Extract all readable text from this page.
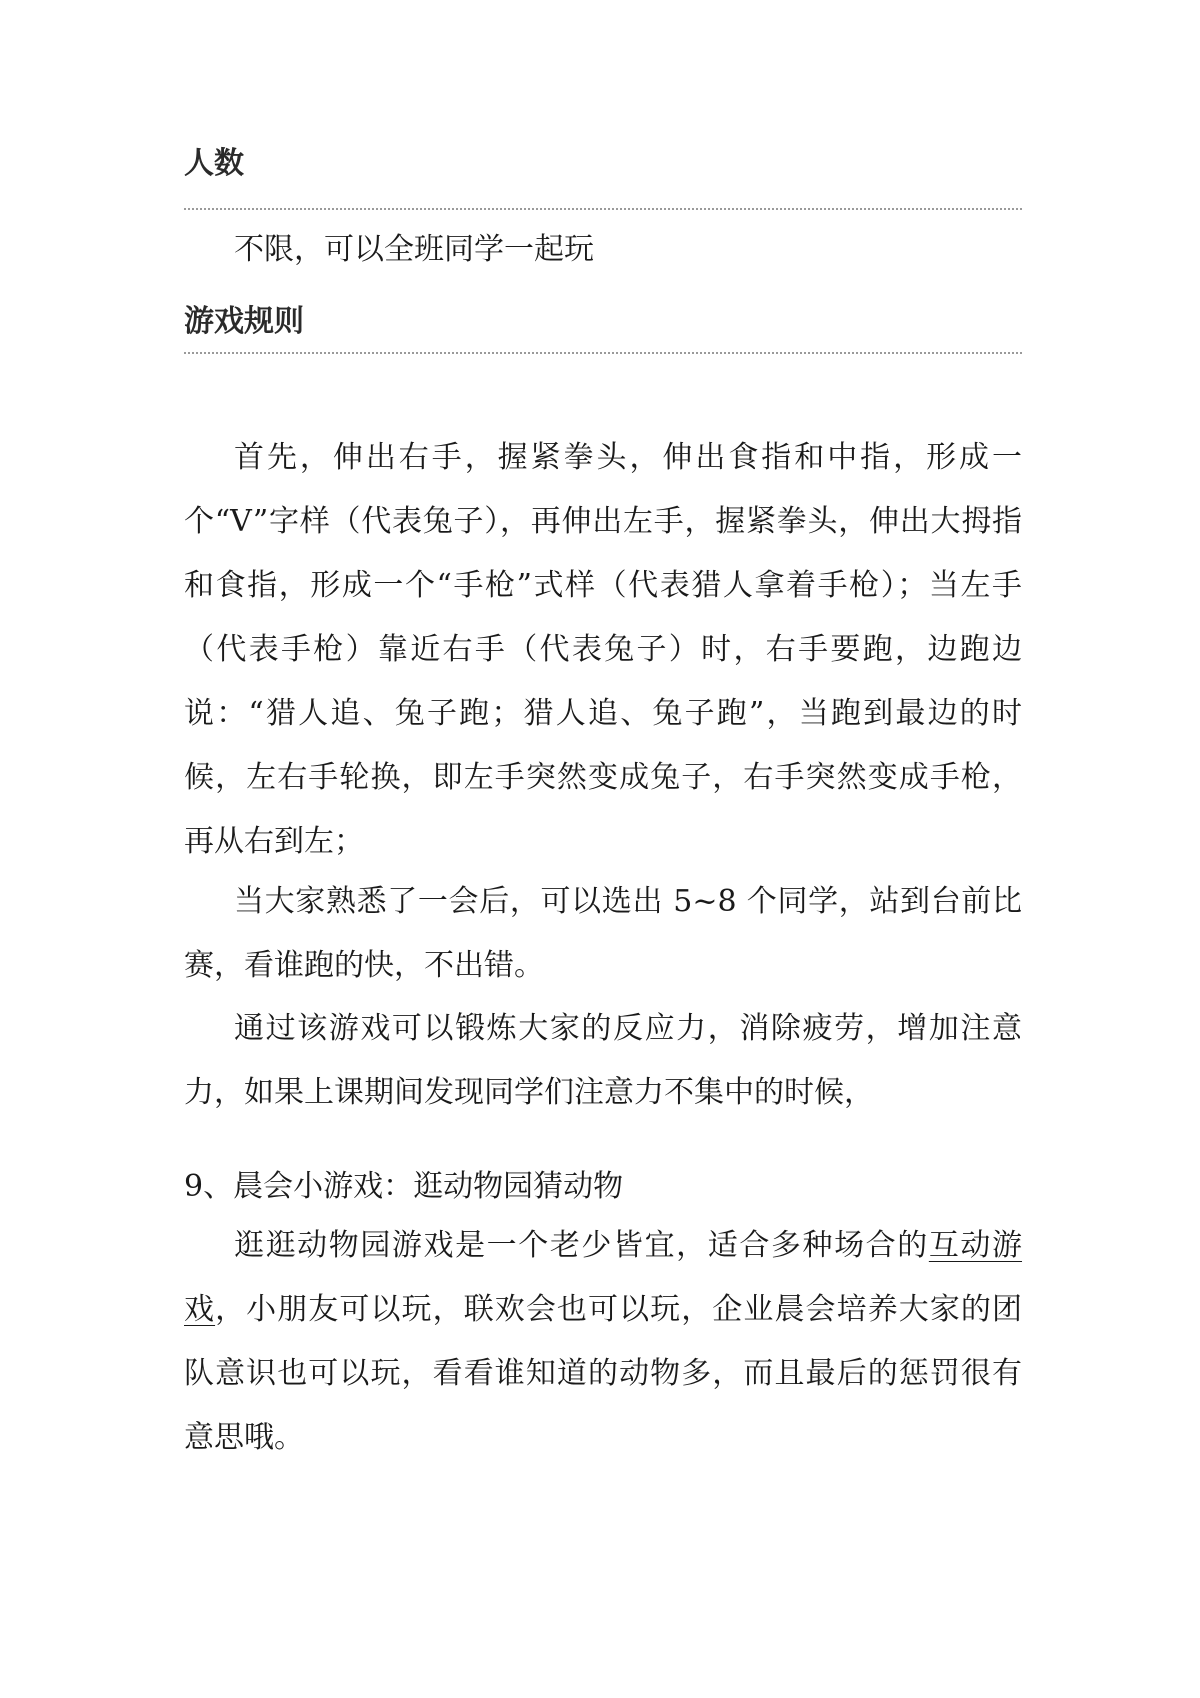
人数
不限，可以全班同学一起玩
游戏规则
首先，伸出右手，握紧拳头，伸出食指和中指，形成一个“V”字样（代表兔子），再伸出左手，握紧拳头，伸出大拇指和食指，形成一个“手枪”式样（代表猎人拿着手枪）；当左手（代表手枪）靠近右手（代表兔子）时，右手要跑，边跑边说：“猎人追、兔子跑；猎人追、兔子跑”，当跑到最边的时候，左右手轮换，即左手突然变成兔子，右手突然变成手枪，再从右到左；
当大家熟悉了一会后，可以选出 5~8 个同学，站到台前比赛，看谁跑的快，不出错。
通过该游戏可以锻炼大家的反应力，消除疲劳，增加注意力，如果上课期间发现同学们注意力不集中的时候，
9、晨会小游戏：逛动物园猜动物
逛逛动物园游戏是一个老少皆宜，适合多种场合的互动游戏，小朋友可以玩，联欢会也可以玩，企业晨会培养大家的团队意识也可以玩，看看谁知道的动物多，而且最后的惩罚很有意思哦。
